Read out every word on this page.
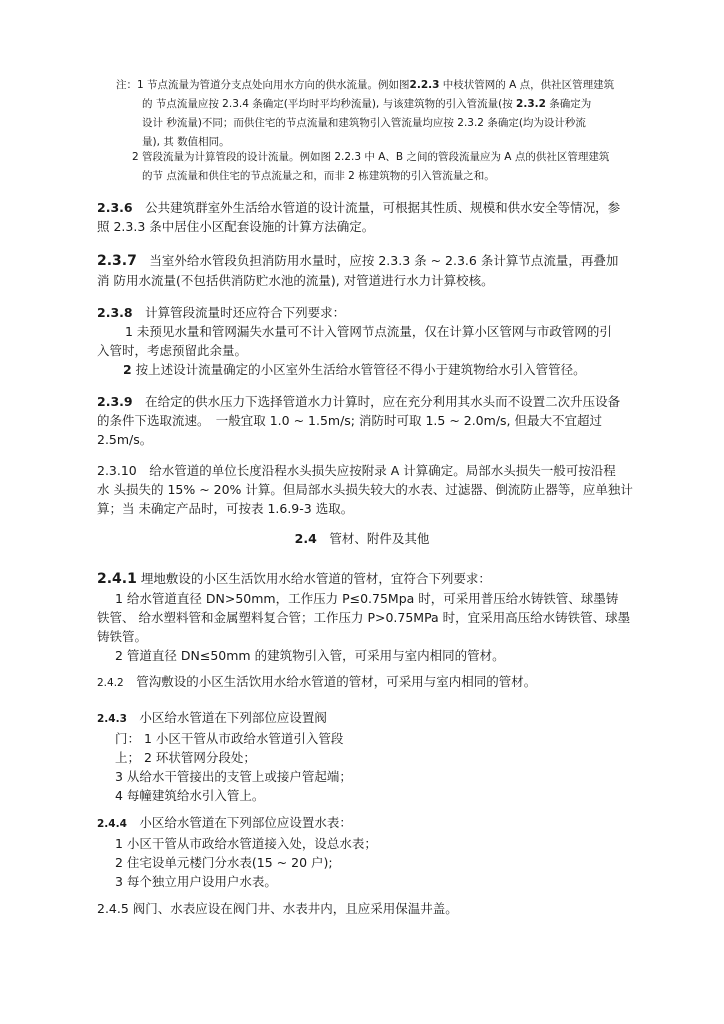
注：1 节点流量为管道分支点处向用水方向的供水流量。例如图2.2.3 中枝状管网的 A 点，供社区管理建筑
的 节点流量应按 2.3.4 条确定(平均时平均秒流量), 与该建筑物的引入管流量(按 2.3.2 条确定为
设计 秒流量)不同；而供住宅的节点流量和建筑物引入管流量均应按 2.3.2 条确定(均为设计秒流
量), 其 数值相同。
2 管段流量为计算管段的设计流量。例如图 2.2.3 中 A、B 之间的管段流量应为 A 点的供社区管理建筑
的节 点流量和供住宅的节点流量之和，而非 2 栋建筑物的引入管流量之和。
2.3.6　公共建筑群室外生活给水管道的设计流量，可根据其性质、规模和供水安全等情况，参
照 2.3.3 条中居住小区配套设施的计算方法确定。
2.3.7　当室外给水管段负担消防用水量时，应按 2.3.3 条 ~ 2.3.6 条计算节点流量，再叠加
消 防用水流量(不包括供消防贮水池的流量), 对管道进行水力计算校核。
2.3.8　计算管段流量时还应符合下列要求：
1 未预见水量和管网漏失水量可不计入管网节点流量，仅在计算小区管网与市政管网的引
入管时，考虑预留此余量。
2 按上述设计流量确定的小区室外生活给水管管径不得小于建筑物给水引入管管径。
2.3.9　在给定的供水压力下选择管道水力计算时，应在充分利用其水头而不设置二次升压设备
的条件下选取流速。　一般宜取 1.0 ~ 1.5m/s; 消防时可取 1.5 ~ 2.0m/s, 但最大不宜超过
2.5m/s。
2.3.10　给水管道的单位长度沿程水头损失应按附录 A 计算确定。局部水头损失一般可按沿程
水 头损失的 15% ~ 20% 计算。但局部水头损失较大的水表、过滤器、倒流防止器等，应单独计
算；当 未确定产品时，可按表 1.6.9-3 选取。
2.4　管材、附件及其他
2.4.1 埋地敷设的小区生活饮用水给水管道的管材，宜符合下列要求：
1 给水管道直径 DN>50mm，工作压力 P≤0.75Mpa 时，可采用普压给水铸铁管、球墨铸
铁管、 给水塑料管和金属塑料复合管；工作压力 P>0.75MPa 时，宜采用高压给水铸铁管、球墨
铸铁管。
2 管道直径 DN≤50mm 的建筑物引入管，可采用与室内相同的管材。
2.4.2　管沟敷设的小区生活饮用水给水管道的管材，可采用与室内相同的管材。
2.4.3　小区给水管道在下列部位应设置阀
门： 1 小区干管从市政给水管道引入管段
上； 2 环状管网分段处；
3 从给水干管接出的支管上或接户管起端；
4 每幢建筑给水引入管上。
2.4.4　小区给水管道在下列部位应设置水表：
1 小区干管从市政给水管道接入处，设总水表；
2 住宅设单元楼门分水表(15 ~ 20 户);
3 每个独立用户设用户水表。
2.4.5 阀门、水表应设在阀门井、水表井内，且应采用保温井盖。
